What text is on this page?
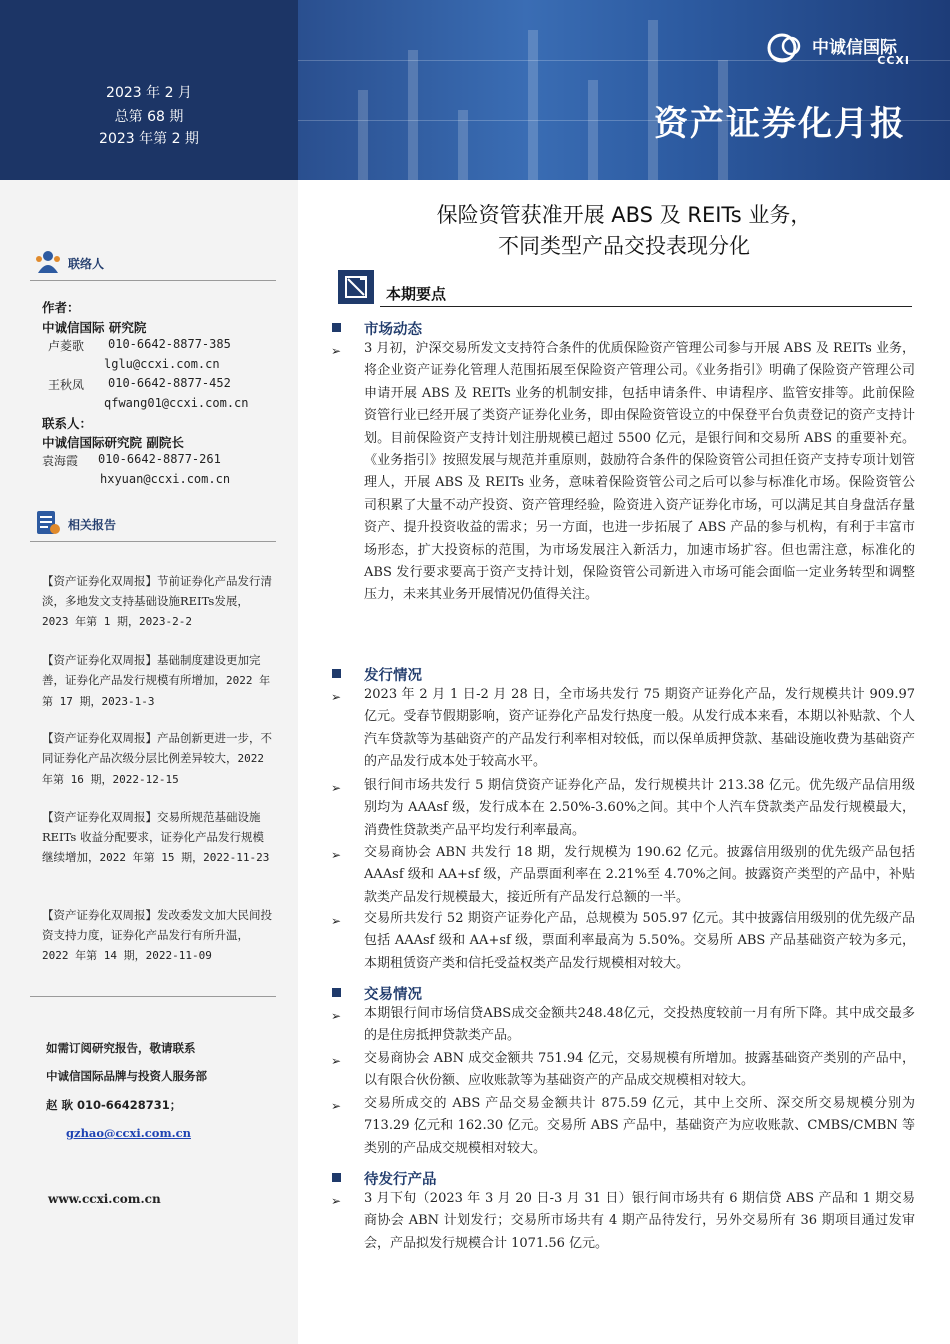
2023 年 2 月
总第 68 期
2023 年第 2 期
中诚信国际
CCXI
资产证券化月报
联络人
作者：
中诚信国际 研究院
卢菱歌 010-6642-8877-385
lglu@ccxi.com.cn
王秋凤 010-6642-8877-452
qfwang01@ccxi.com.cn
联系人：
中诚信国际研究院 副院长
袁海霞 010-6642-8877-261
hxyuan@ccxi.com.cn
相关报告
【资产证券化双周报】节前证券化产品发行清淡，多地发文支持基础设施REITs发展，2023 年第 1 期，2023-2-2
【资产证券化双周报】基础制度建设更加完善，证券化产品发行规模有所增加，2022 年第 17 期，2023-1-3
【资产证券化双周报】产品创新更进一步，不同证券化产品次级分层比例差异较大，2022 年第 16 期，2022-12-15
【资产证券化双周报】交易所规范基础设施 REITs 收益分配要求，证券化产品发行规模继续增加，2022 年第 15 期，2022-11-23
【资产证券化双周报】发改委发文加大民间投资支持力度，证券化产品发行有所升温，2022 年第 14 期，2022-11-09
如需订阅研究报告，敬请联系
中诚信国际品牌与投资人服务部
赵 耿 010-66428731；
gzhao@ccxi.com.cn
www.ccxi.com.cn
保险资管获准开展 ABS 及 REITs 业务，
不同类型产品交投表现分化
本期要点
市场动态
➢ 3 月初，沪深交易所发文支持符合条件的优质保险资产管理公司参与开展 ABS 及 REITs 业务，将企业资产证券化管理人范围拓展至保险资产管理公司。《业务指引》明确了保险资产管理公司申请开展 ABS 及 REITs 业务的机制安排，包括申请条件、申请程序、监管安排等。此前保险资管行业已经开展了类资产证券化业务，即由保险资管设立的中保登平台负责登记的资产支持计划。目前保险资产支持计划注册规模已超过 5500 亿元，是银行间和交易所 ABS 的重要补充。《业务指引》按照发展与规范并重原则，鼓励符合条件的保险资管公司担任资产支持专项计划管理人，开展 ABS 及 REITs 业务，意味着保险资管公司之后可以参与标准化市场。保险资管公司积累了大量不动产投资、资产管理经验，险资进入资产证券化市场，可以满足其自身盘活存量资产、提升投资收益的需求；另一方面，也进一步拓展了 ABS 产品的参与机构，有利于丰富市场形态，扩大投资标的范围，为市场发展注入新活力，加速市场扩容。但也需注意，标准化的 ABS 发行要求要高于资产支持计划，保险资管公司新进入市场可能会面临一定业务转型和调整压力，未来其业务开展情况仍值得关注。
发行情况
➢ 2023 年 2 月 1 日-2 月 28 日，全市场共发行 75 期资产证券化产品，发行规模共计 909.97 亿元。受春节假期影响，资产证券化产品发行热度一般。从发行成本来看，本期以补贴款、个人汽车贷款等为基础资产的产品发行利率相对较低，而以保单质押贷款、基础设施收费为基础资产的产品发行成本处于较高水平。
➢ 银行间市场共发行 5 期信贷资产证券化产品，发行规模共计 213.38 亿元。优先级产品信用级别均为 AAAsf 级，发行成本在 2.50%-3.60%之间。其中个人汽车贷款类产品发行规模最大，消费性贷款类产品平均发行利率最高。
➢ 交易商协会 ABN 共发行 18 期，发行规模为 190.62 亿元。披露信用级别的优先级产品包括 AAAsf 级和 AA+sf 级，产品票面利率在 2.21%至 4.70%之间。披露资产类型的产品中，补贴款类产品发行规模最大，接近所有产品发行总额的一半。
➢ 交易所共发行 52 期资产证券化产品，总规模为 505.97 亿元。其中披露信用级别的优先级产品包括 AAAsf 级和 AA+sf 级，票面利率最高为 5.50%。交易所 ABS 产品基础资产较为多元，本期租赁资产类和信托受益权类产品发行规模相对较大。
交易情况
➢ 本期银行间市场信贷ABS成交金额共248.48亿元，交投热度较前一月有所下降。其中成交最多的是住房抵押贷款类产品。
➢ 交易商协会 ABN 成交金额共 751.94 亿元，交易规模有所增加。披露基础资产类别的产品中，以有限合伙份额、应收账款等为基础资产的产品成交规模相对较大。
➢ 交易所成交的 ABS 产品交易金额共计 875.59 亿元，其中上交所、深交所交易规模分别为 713.29 亿元和 162.30 亿元。交易所 ABS 产品中，基础资产为应收账款、CMBS/CMBN 等类别的产品成交规模相对较大。
待发行产品
➢ 3 月下旬（2023 年 3 月 20 日-3 月 31 日）银行间市场共有 6 期信贷 ABS 产品和 1 期交易商协会 ABN 计划发行；交易所市场共有 4 期产品待发行，另外交易所有 36 期项目通过发审会，产品拟发行规模合计 1071.56 亿元。
